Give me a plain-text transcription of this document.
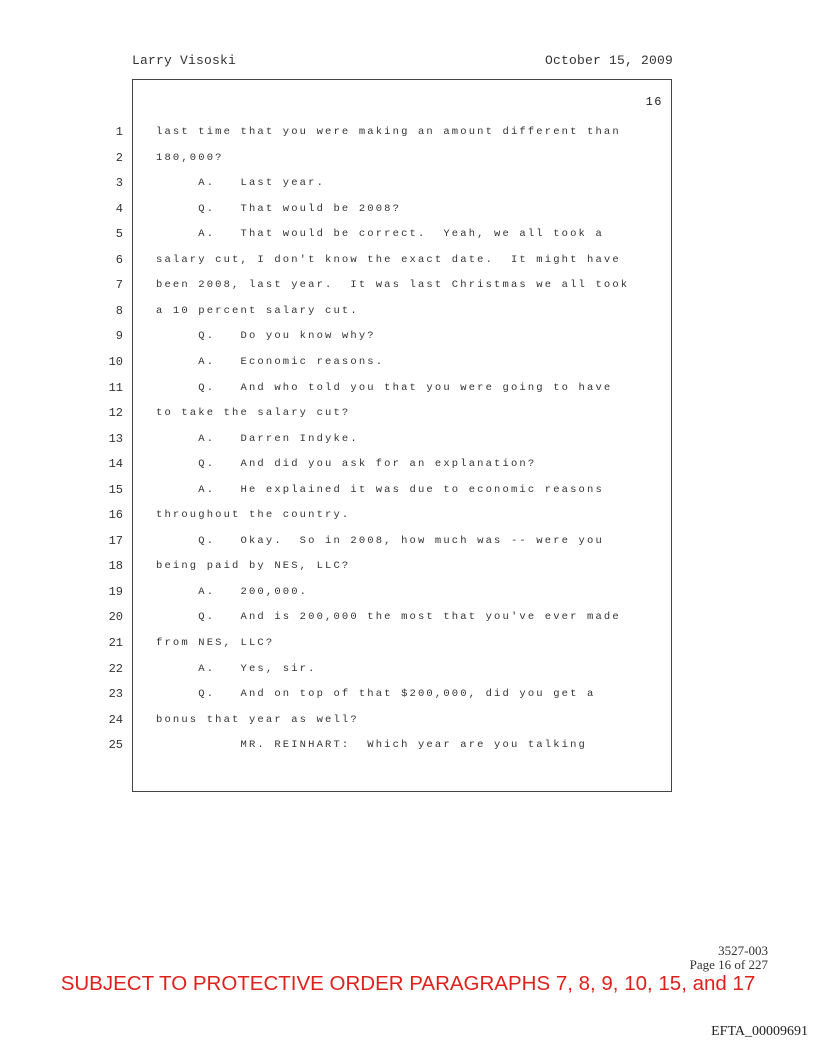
Larry Visoski	October 15, 2009
16
1	last time that you were making an amount different than
2	180,000?
3	A.   Last year.
4	Q.   That would be 2008?
5	A.   That would be correct.  Yeah, we all took a
6	salary cut, I don't know the exact date.  It might have
7	been 2008, last year.  It was last Christmas we all took
8	a 10 percent salary cut.
9	Q.   Do you know why?
10	A.   Economic reasons.
11	Q.   And who told you that you were going to have
12	to take the salary cut?
13	A.   Darren Indyke.
14	Q.   And did you ask for an explanation?
15	A.   He explained it was due to economic reasons
16	throughout the country.
17	Q.   Okay.  So in 2008, how much was -- were you
18	being paid by NES, LLC?
19	A.   200,000.
20	Q.   And is 200,000 the most that you've ever made
21	from NES, LLC?
22	A.   Yes, sir.
23	Q.   And on top of that $200,000, did you get a
24	bonus that year as well?
25	MR. REINHART:  Which year are you talking
3527-003
Page 16 of 227
SUBJECT TO PROTECTIVE ORDER PARAGRAPHS 7, 8, 9, 10, 15, and 17
EFTA_00009691
